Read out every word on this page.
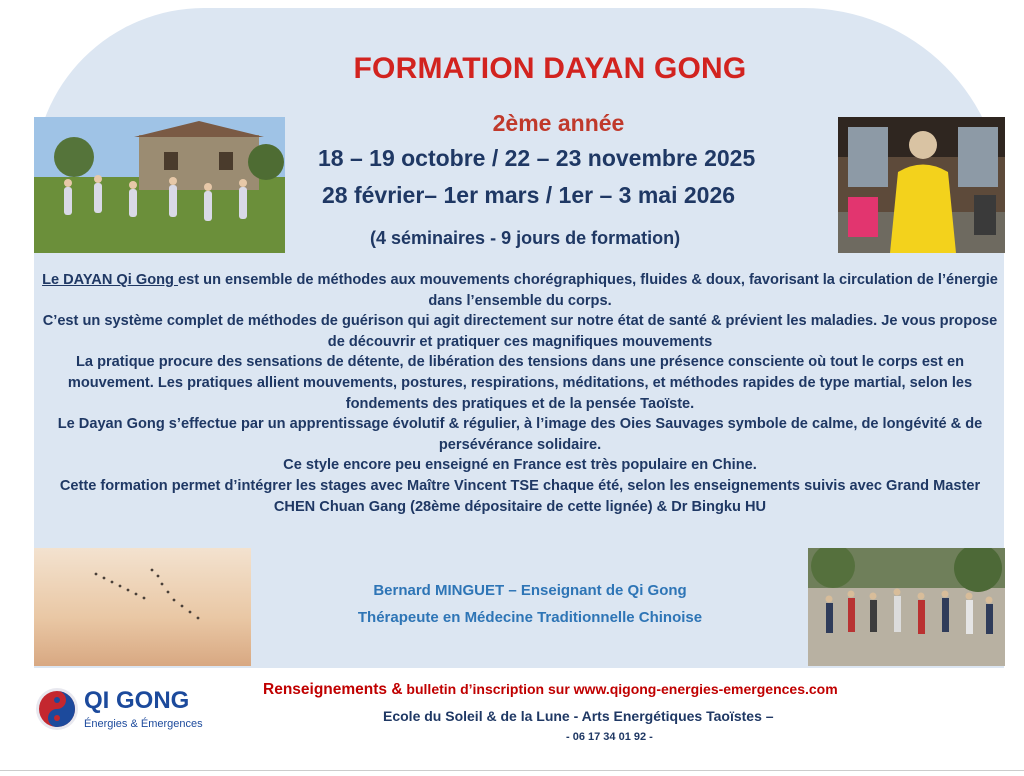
FORMATION DAYAN GONG
2ème année
18 – 19 octobre / 22 – 23 novembre 2025
28 février– 1er mars / 1er – 3 mai 2026
(4 séminaires - 9 jours de formation)
Le DAYAN Qi Gong est un ensemble de méthodes aux mouvements chorégraphiques, fluides & doux, favorisant la circulation de l’énergie dans l’ensemble du corps.
C’est un système complet de méthodes de guérison qui agit directement sur notre état de santé & prévient les maladies. Je vous propose de découvrir et pratiquer ces magnifiques mouvements
La pratique procure des sensations de détente, de libération des tensions dans une présence consciente où tout le corps est en mouvement. Les pratiques allient mouvements, postures, respirations, méditations, et méthodes rapides de type martial, selon les fondements des pratiques et de la pensée Taoïste.
Le Dayan Gong s’effectue par un apprentissage évolutif & régulier, à l’image des Oies Sauvages symbole de calme, de longévité & de persévérance solidaire.
Ce style encore peu enseigné en France est très populaire en Chine.
Cette formation permet d’intégrer les stages avec Maître Vincent TSE chaque été, selon les enseignements suivis avec Grand Master CHEN Chuan Gang (28ème dépositaire de cette lignée) & Dr Bingku HU
Bernard MINGUET – Enseignant de Qi Gong
Thérapeute en Médecine Traditionnelle Chinoise
QI GONG
Énergies & Émergences
Renseignements & bulletin d’inscription sur www.qigong-energies-emergences.com
Ecole du Soleil & de la Lune - Arts Energétiques Taoïstes –
- 06 17 34 01 92 -
